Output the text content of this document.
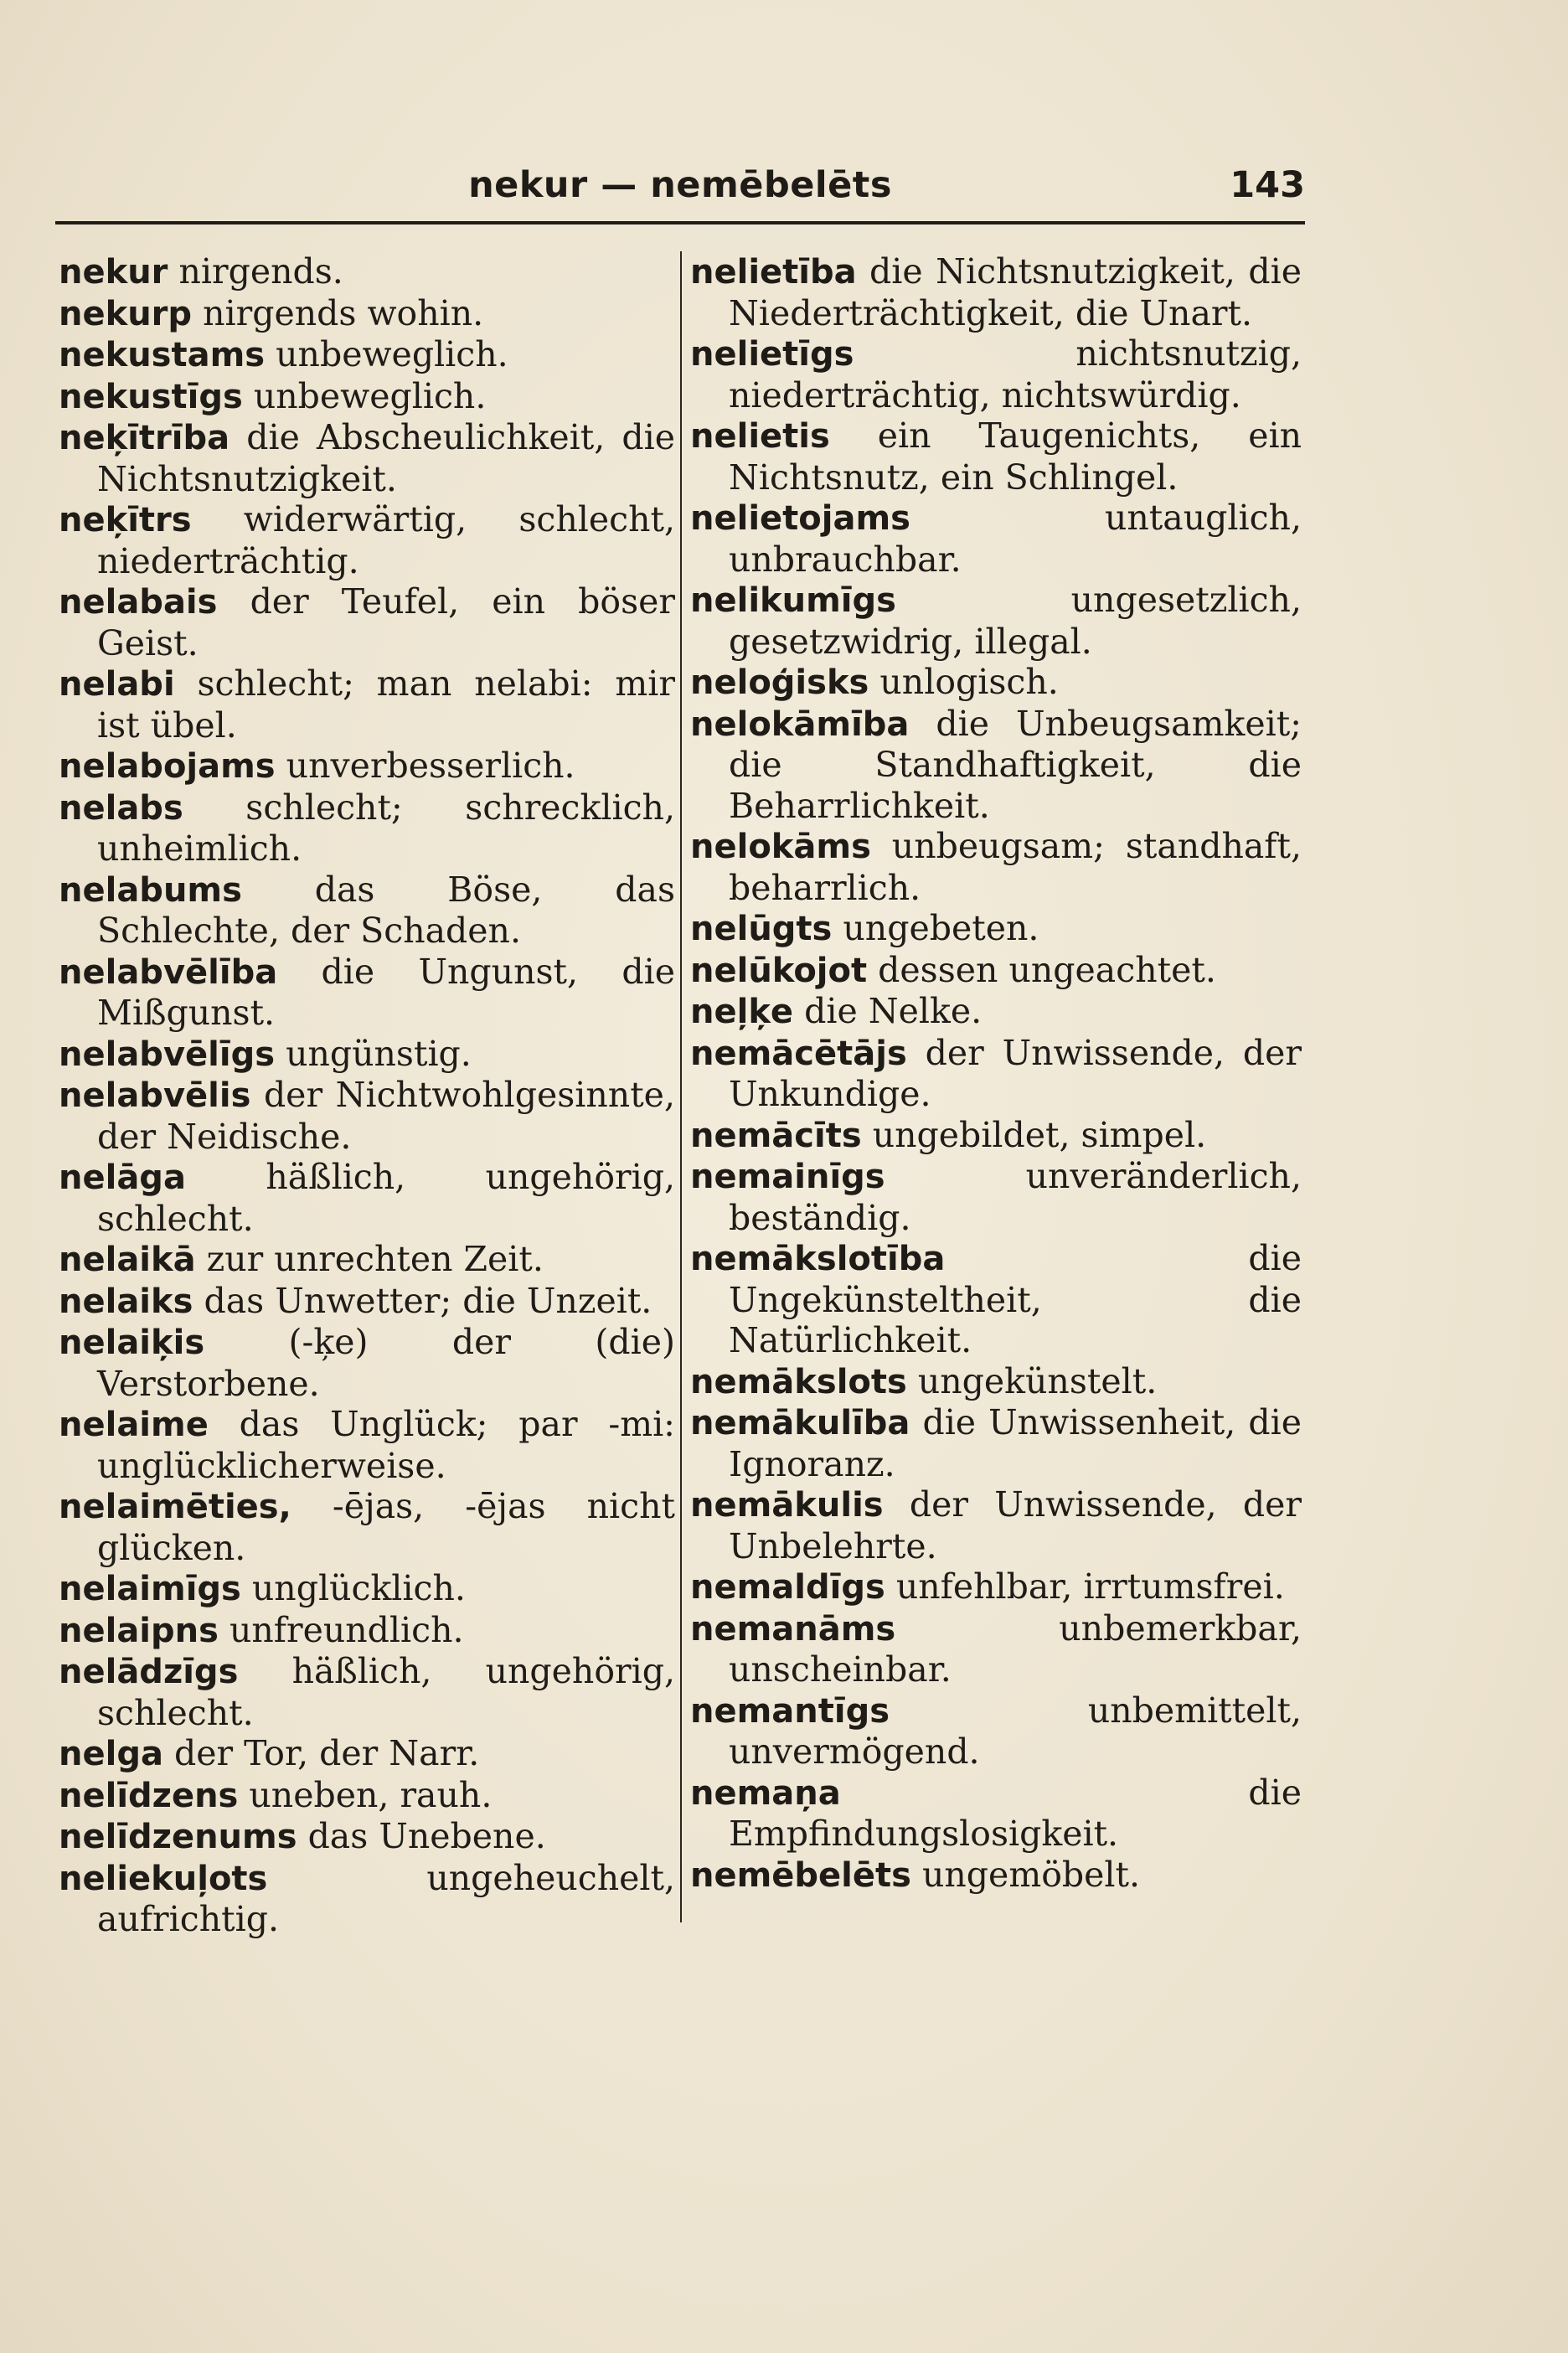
nekur — nemēbelēts	143

nekur nirgends.

nekurp nirgends wohin.

nekustams unbeweglich.

nekustīgs unbeweglich.

neķītrība die Abscheulichkeit, die Nichtsnutzigkeit.

neķītrs widerwärtig, schlecht, niederträchtig.

nelabais der Teufel, ein böser Geist.

nelabi schlecht; man nelabi: mir ist übel.

nelabojams unverbesserlich.

nelabs schlecht; schrecklich, unheimlich.

nelabums das Böse, das Schlechte, der Schaden.

nelabvēlība die Ungunst, die Mißgunst.

nelabvēlīgs ungünstig.

nelabvēlis der Nichtwohlgesinnte, der Neidische.

nelāga häßlich, ungehörig, schlecht.

nelaikā zur unrechten Zeit.

nelaiks das Unwetter; die Unzeit.

nelaiķis (-ķe) der (die) Verstorbene.

nelaime das Unglück; par -mi: unglücklicherweise.

nelaimēties, -ējas, -ējas nicht glücken.

nelaimīgs unglücklich.

nelaipns unfreundlich.

nelādzīgs häßlich, ungehörig, schlecht.

nelga der Tor, der Narr.

nelīdzens uneben, rauh.

nelīdzenums das Unebene.

neliekuļots	ungeheuchelt, aufrichtig.

nelietība die Nichtsnutzigkeit, die Niederträchtigkeit, die Unart.

nelietīgs	nichtsnutzig, niederträchtig, nichtswürdig.

nelietis ein Taugenichts, ein Nichtsnutz, ein Schlingel.

nelietojams	untauglich, unbrauchbar.

nelikumīgs	ungesetzlich, gesetzwidrig, illegal.

neloģisks unlogisch.

nelokāmība die Unbeugsamkeit; die Standhaftigkeit, die Beharrlichkeit.

nelokāms unbeugsam; standhaft, beharrlich.

nelūgts ungebeten.

nelūkojot dessen ungeachtet.

neļķe die Nelke.

nemācētājs der Unwissende, der Unkundige.

nemācīts ungebildet, simpel.

nemainīgs	unveränderlich, beständig.

nemākslotība	die Ungekünsteltheit, die Natürlichkeit.

nemākslots ungekünstelt.

nemākulība die Unwissenheit, die Ignoranz.

nemākulis der Unwissende, der Unbelehrte.

nemaldīgs unfehlbar, irrtumsfrei.

nemanāms	unbemerkbar, unscheinbar.

nemantīgs	unbemittelt, unvermögend.

nemaņa	die Empfindungslosigkeit.

nemēbelēts ungemöbelt.
